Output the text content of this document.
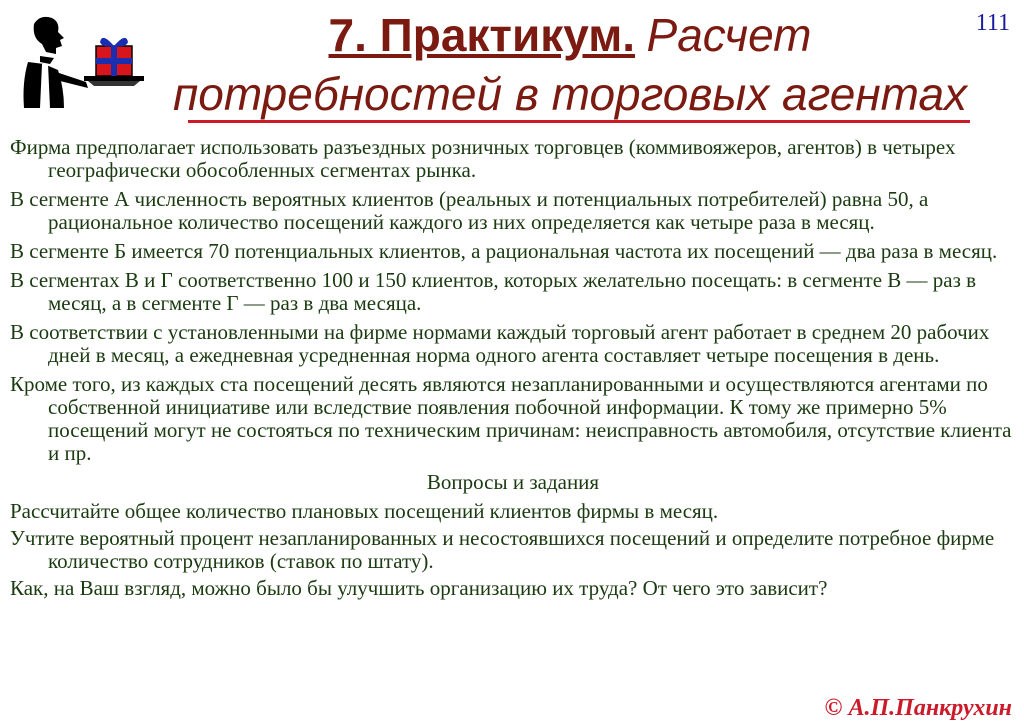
7. Практикум. Расчет
потребностей в торговых агентах
111

Фирма предполагает использовать разъездных розничных торговцев (коммивояжеров, агентов) в четырех географически обособленных сегментах рынка.

В сегменте А численность вероятных клиентов (реальных и потенциальных потребителей) равна 50, а рациональное количество посещений каждого из них определяется как четыре раза в месяц.

В сегменте Б имеется 70 потенциальных клиентов, а рациональная частота их посещений — два раза в месяц.

В сегментах В и Г соответственно 100 и 150 клиентов, которых желательно посещать: в сегменте В — раз в месяц, а в сегменте Г — раз в два месяца.

В соответствии с установленными на фирме нормами каждый торговый агент работает в среднем 20 рабочих дней в месяц, а ежедневная усредненная норма одного агента составляет четыре посещения в день.

Кроме того, из каждых ста посещений десять являются незапланированными и осуществляются агентами по собственной инициативе или вследствие появления побочной информации. К тому же примерно 5% посещений могут не состояться по техническим причинам: неисправность автомобиля, отсутствие клиента и пр.

Вопросы и задания

Рассчитайте общее количество плановых посещений клиентов фирмы в месяц.

Учтите вероятный процент незапланированных и несостоявшихся посещений и определите потребное фирме количество сотрудников (ставок по штату).

Как, на Ваш взгляд, можно было бы улучшить организацию их труда? От чего это зависит?

© А.П.Панкрухин
